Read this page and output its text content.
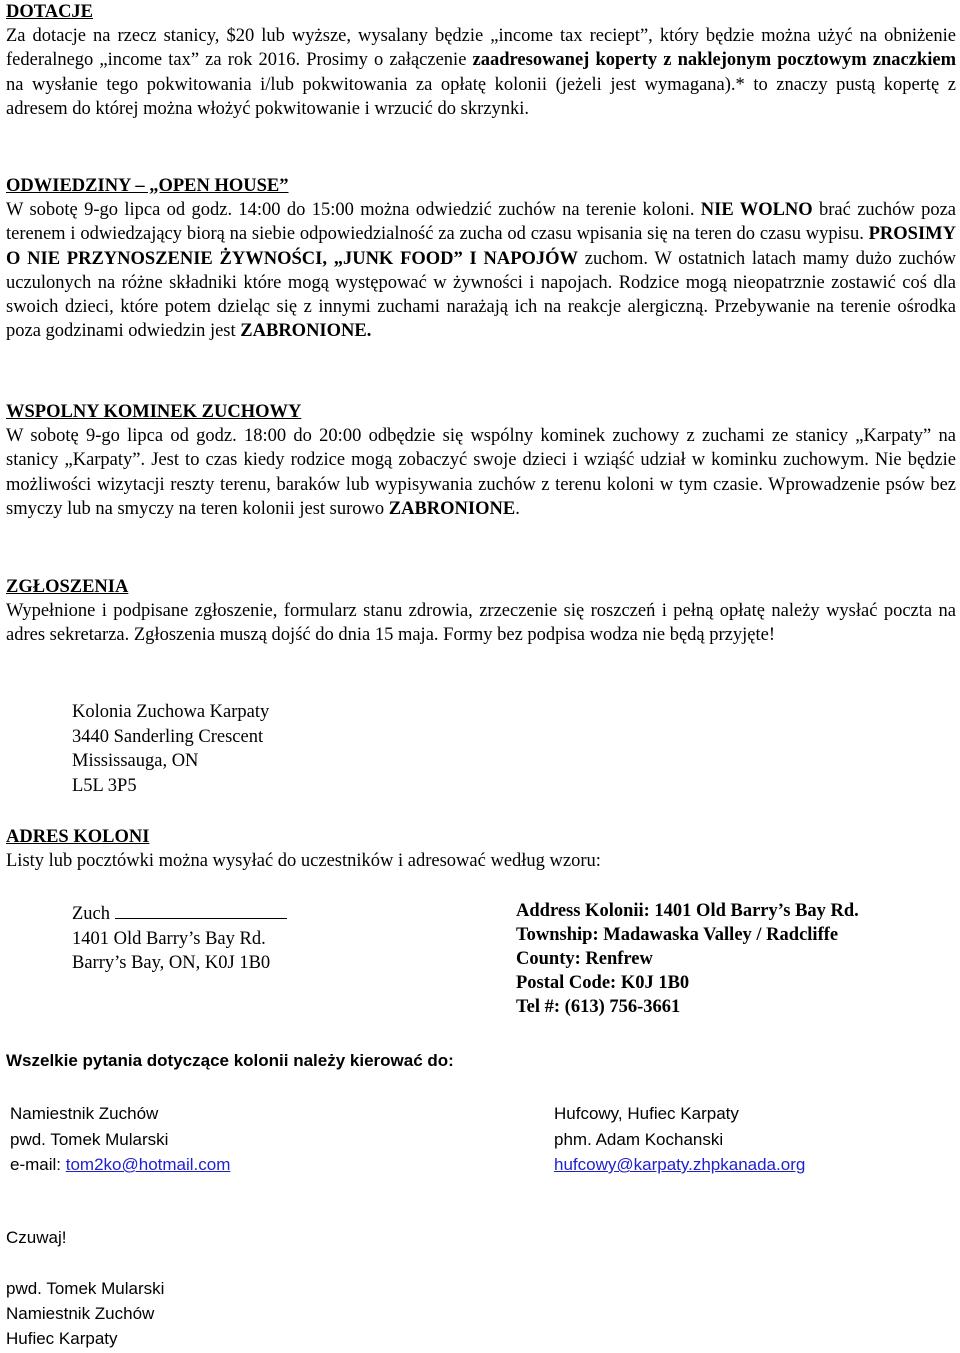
DOTACJE
Za dotacje na rzecz stanicy, $20 lub wyższe, wysalany będzie „income tax reciept”, który będzie można użyć na obniżenie federalnego „income tax” za rok 2016. Prosimy o załączenie zaadresowanej koperty z naklejonym pocztowym znaczkiem na wysłanie tego pokwitowania i/lub pokwitowania za opłatę kolonii (jeżeli jest wymagana).* to znaczy pustą kopertę z adresem do której można włożyć pokwitowanie i wrzucić do skrzynki.
ODWIEDZINY – „OPEN HOUSE”
W sobotę 9-go lipca od godz. 14:00 do 15:00 można odwiedzić zuchów na terenie koloni. NIE WOLNO brać zuchów poza terenem i odwiedzający biorą na siebie odpowiedzialność za zucha od czasu wpisania się na teren do czasu wypisu. PROSIMY O NIE PRZYNOSZENIE ŻYWNOŚCI, „JUNK FOOD” I NAPOJÓW zuchom. W ostatnich latach mamy dużo zuchów uczulonych na różne składniki które mogą występować w żywności i napojach. Rodzice mogą nieopatrznie zostawić coś dla swoich dzieci, które potem dzieląc się z innymi zuchami narażają ich na reakcje alergiczną. Przebywanie na terenie ośrodka poza godzinami odwiedzin jest ZABRONIONE.
WSPOLNY KOMINEK ZUCHOWY
W sobotę 9-go lipca od godz. 18:00 do 20:00 odbędzie się wspólny kominek zuchowy z zuchami ze stanicy „Karpaty” na stanicy „Karpaty”. Jest to czas kiedy rodzice mogą zobaczyć swoje dzieci i wziąść udział w kominku zuchowym. Nie będzie możliwości wizytacji reszty terenu, baraków lub wypisywania zuchów z terenu koloni w tym czasie. Wprowadzenie psów bez smyczy lub na smyczy na teren kolonii jest surowo ZABRONIONE.
ZGŁOSZENIA
Wypełnione i podpisane zgłoszenie, formularz stanu zdrowia, zrzeczenie się roszczeń i pełną opłatę należy wysłać poczta na adres sekretarza. Zgłoszenia muszą dojść do dnia 15 maja. Formy bez podpisa wodza nie będą przyjęte!
Kolonia Zuchowa Karpaty
3440 Sanderling Crescent
Mississauga, ON
L5L 3P5
ADRES KOLONI
Listy lub pocztówki można wysyłać do uczestników i adresować według wzoru:
Zuch
1401 Old Barry’s Bay Rd.
Barry’s Bay, ON, K0J 1B0
Address Kolonii: 1401 Old Barry’s Bay Rd.
Township: Madawaska Valley / Radcliffe
County: Renfrew
Postal Code: K0J 1B0
Tel #: (613) 756-3661
Wszelkie pytania dotyczące kolonii należy kierować do:
Namiestnik Zuchów
pwd. Tomek Mularski
e-mail: tom2ko@hotmail.com
Hufcowy, Hufiec Karpaty
phm. Adam Kochanski
hufcowy@karpaty.zhpkanada.org
Czuwaj!
pwd. Tomek Mularski
Namiestnik Zuchów
Hufiec Karpaty
